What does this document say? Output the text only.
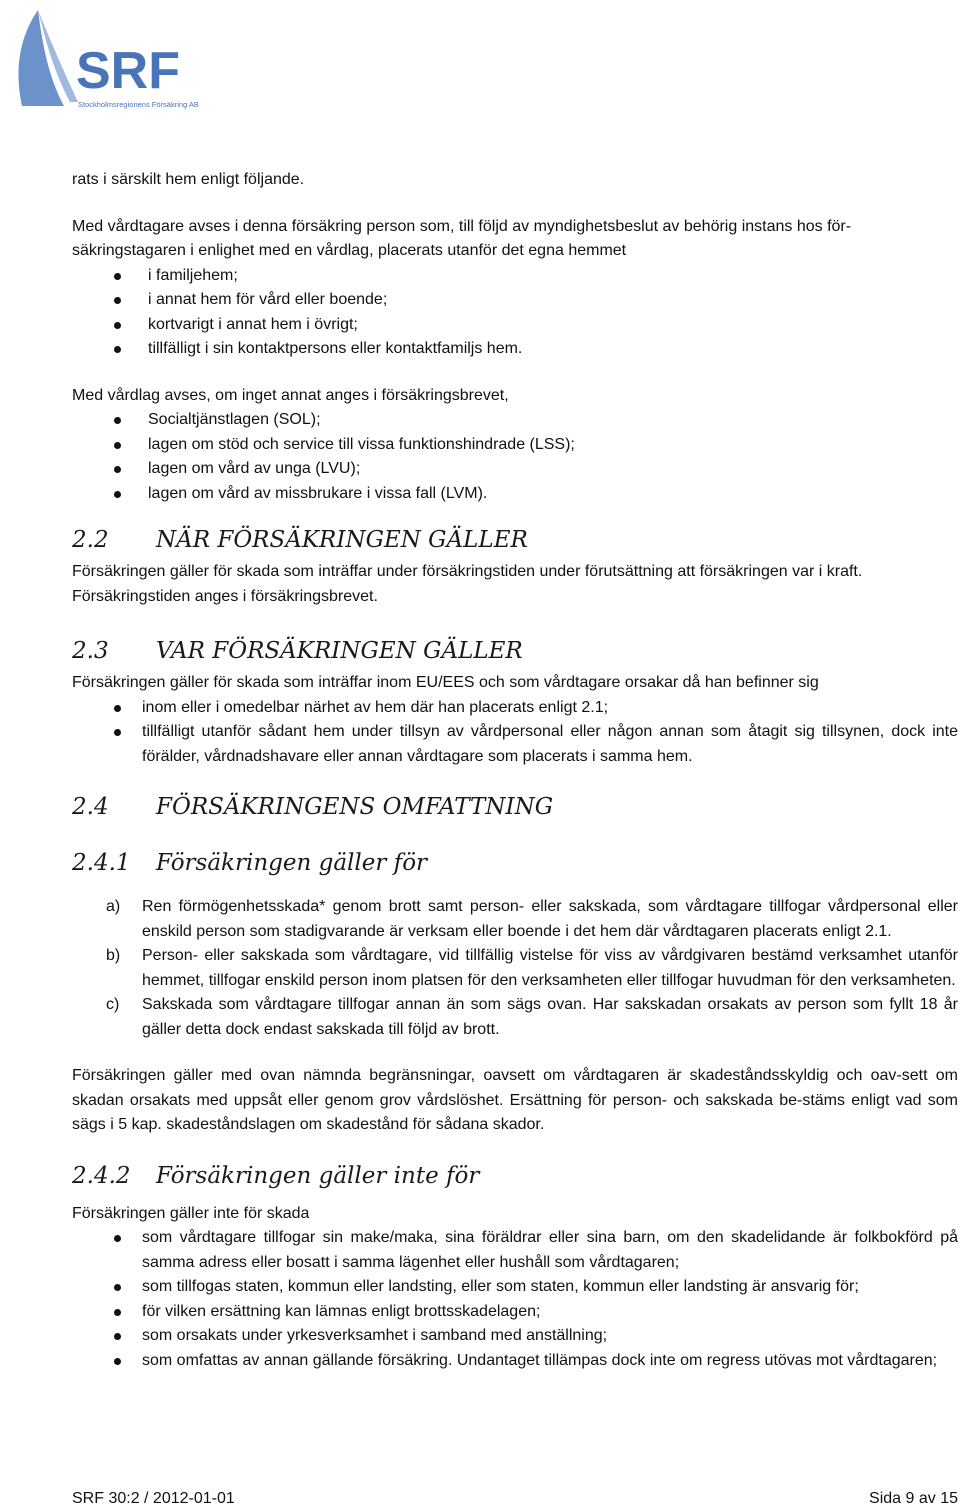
SRF
Stockholmsregionens Försäkring AB

rats i särskilt hem enligt följande.

Med vårdtagare avses i denna försäkring person som, till följd av myndighetsbeslut av behörig instans hos för-säkringstagaren i enlighet med en vårdlag, placerats utanför det egna hemmet

i familjehem;
i annat hem för vård eller boende;
kortvarigt i annat hem i övrigt;
tillfälligt i sin kontaktpersons eller kontaktfamiljs hem.

Med vårdlag avses, om inget annat anges i försäkringsbrevet,

Socialtjänstlagen (SOL);
lagen om stöd och service till vissa funktionshindrade (LSS);
lagen om vård av unga (LVU);
lagen om vård av missbrukare i vissa fall (LVM).
2.2 NÄR FÖRSÄKRINGEN GÄLLER

Försäkringen gäller för skada som inträffar under försäkringstiden under förutsättning att försäkringen var i kraft. Försäkringstiden anges i försäkringsbrevet.

2.3 VAR FÖRSÄKRINGEN GÄLLER

Försäkringen gäller för skada som inträffar inom EU/EES och som vårdtagare orsakar då han befinner sig

inom eller i omedelbar närhet av hem där han placerats enligt 2.1;
tillfälligt utanför sådant hem under tillsyn av vårdpersonal eller någon annan som åtagit sig tillsynen, dock inte förälder, vårdnadshavare eller annan vårdtagare som placerats i samma hem.
2.4 FÖRSÄKRINGENS OMFATTNING
2.4.1 Försäkringen gäller för
a) Ren förmögenhetsskada* genom brott samt person- eller sakskada, som vårdtagare tillfogar vårdpersonal eller enskild person som stadigvarande är verksam eller boende i det hem där vårdtagaren placerats enligt 2.1.
b) Person- eller sakskada som vårdtagare, vid tillfällig vistelse för viss av vårdgivaren bestämd verksamhet utanför hemmet, tillfogar enskild person inom platsen för den verksamheten eller tillfogar huvudman för den verksamheten.
c) Sakskada som vårdtagare tillfogar annan än som sägs ovan. Har sakskadan orsakats av person som fyllt 18 år gäller detta dock endast sakskada till följd av brott.

Försäkringen gäller med ovan nämnda begränsningar, oavsett om vårdtagaren är skadeståndsskyldig och oav-sett om skadan orsakats med uppsåt eller genom grov vårdslöshet. Ersättning för person- och sakskada be-stäms enligt vad som sägs i 5 kap. skadeståndslagen om skadestånd för sådana skador.

2.4.2 Försäkringen gäller inte för

Försäkringen gäller inte för skada

som vårdtagare tillfogar sin make/maka, sina föräldrar eller sina barn, om den skadelidande är folkbokförd på samma adress eller bosatt i samma lägenhet eller hushåll som vårdtagaren;
som tillfogas staten, kommun eller landsting, eller som staten, kommun eller landsting är ansvarig för;
för vilken ersättning kan lämnas enligt brottsskadelagen;
som orsakats under yrkesverksamhet i samband med anställning;
som omfattas av annan gällande försäkring. Undantaget tillämpas dock inte om regress utövas mot vårdtagaren;
SRF 30:2 / 2012-01-01	Sida 9 av 15
